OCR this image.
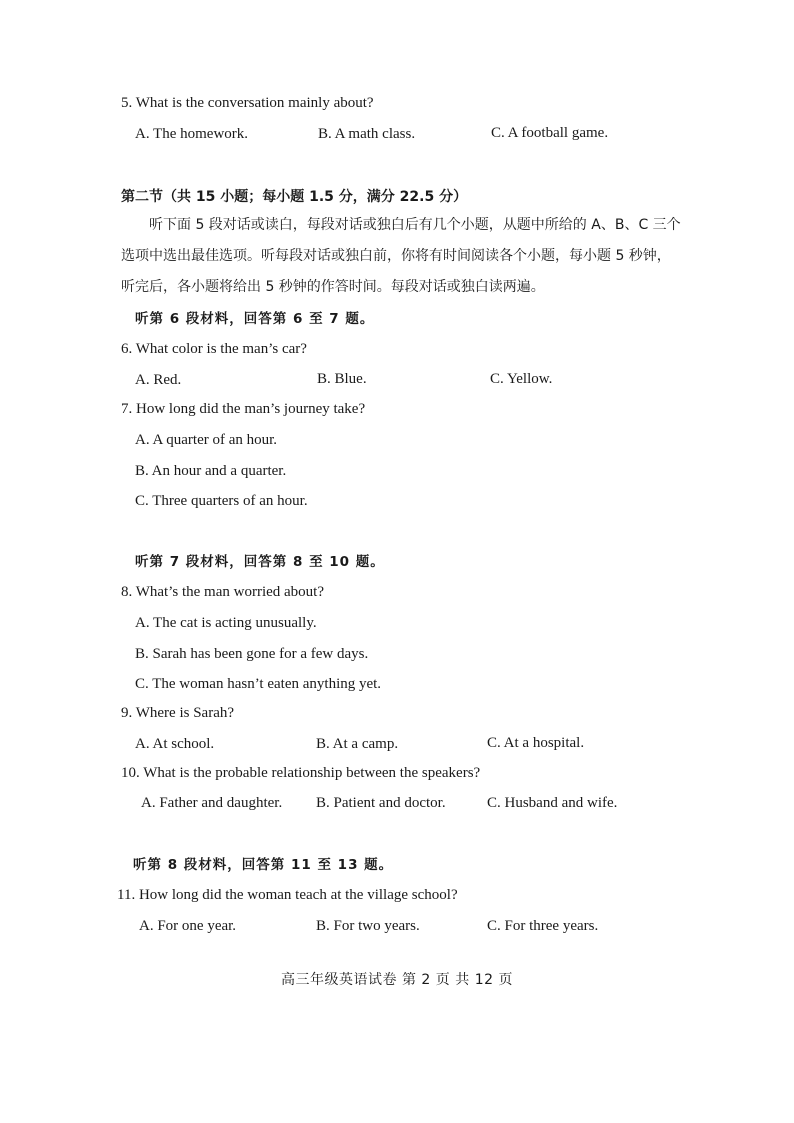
5. What is the conversation mainly about?
A. The homework.	B. A math class.	C. A football game.
第二节（共 15 小题；每小题 1.5 分，满分 22.5 分）
听下面 5 段对话或读白，每段对话或独白后有几个小题，从题中所给的 A、B、C 三个选项中选出最佳选项。听每段对话或独白前，你将有时间阅读各个小题，每小题 5 秒钟，听完后，各小题将给出 5 秒钟的作答时间。每段对话或独白读两遍。
听第 6 段材料，回答第 6 至 7 题。
6. What color is the man’s car?
A. Red.	B. Blue.	C. Yellow.
7. How long did the man’s journey take?
A. A quarter of an hour.
B. An hour and a quarter.
C. Three quarters of an hour.
听第 7 段材料，回答第 8 至 10 题。
8. What’s the man worried about?
A. The cat is acting unusually.
B. Sarah has been gone for a few days.
C. The woman hasn’t eaten anything yet.
9. Where is Sarah?
A. At school.	B. At a camp.	C. At a hospital.
10. What is the probable relationship between the speakers?
A. Father and daughter. B. Patient and doctor.	C. Husband and wife.
听第 8 段材料，回答第 11 至 13 题。
11. How long did the woman teach at the village school?
A. For one year.	B. For two years.	C. For three years.
高三年级英语试卷 第 2 页 共 12 页
